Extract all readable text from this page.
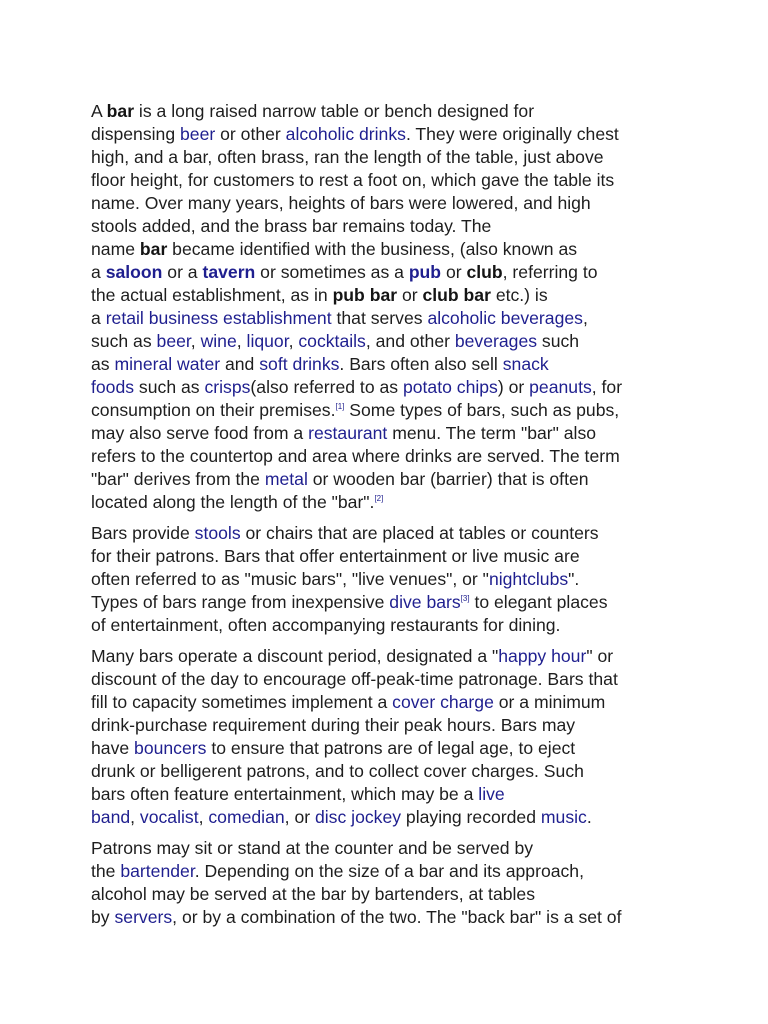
A bar is a long raised narrow table or bench designed for
dispensing beer or other alcoholic drinks. They were originally chest
high, and a bar, often brass, ran the length of the table, just above
floor height, for customers to rest a foot on, which gave the table its
name. Over many years, heights of bars were lowered, and high
stools added, and the brass bar remains today. The
name bar became identified with the business, (also known as
a saloon or a tavern or sometimes as a pub or club, referring to
the actual establishment, as in pub bar or club bar etc.) is
a retail business establishment that serves alcoholic beverages,
such as beer, wine, liquor, cocktails, and other beverages such
as mineral water and soft drinks. Bars often also sell snack
foods such as crisps(also referred to as potato chips) or peanuts, for
consumption on their premises.[1] Some types of bars, such as pubs,
may also serve food from a restaurant menu. The term "bar" also
refers to the countertop and area where drinks are served. The term
"bar" derives from the metal or wooden bar (barrier) that is often
located along the length of the "bar".[2]

Bars provide stools or chairs that are placed at tables or counters
for their patrons. Bars that offer entertainment or live music are
often referred to as "music bars", "live venues", or "nightclubs".
Types of bars range from inexpensive dive bars[3] to elegant places
of entertainment, often accompanying restaurants for dining.

Many bars operate a discount period, designated a "happy hour" or
discount of the day to encourage off-peak-time patronage. Bars that
fill to capacity sometimes implement a cover charge or a minimum
drink-purchase requirement during their peak hours. Bars may
have bouncers to ensure that patrons are of legal age, to eject
drunk or belligerent patrons, and to collect cover charges. Such
bars often feature entertainment, which may be a live
band, vocalist, comedian, or disc jockey playing recorded music.

Patrons may sit or stand at the counter and be served by
the bartender. Depending on the size of a bar and its approach,
alcohol may be served at the bar by bartenders, at tables
by servers, or by a combination of the two. The "back bar" is a set of
